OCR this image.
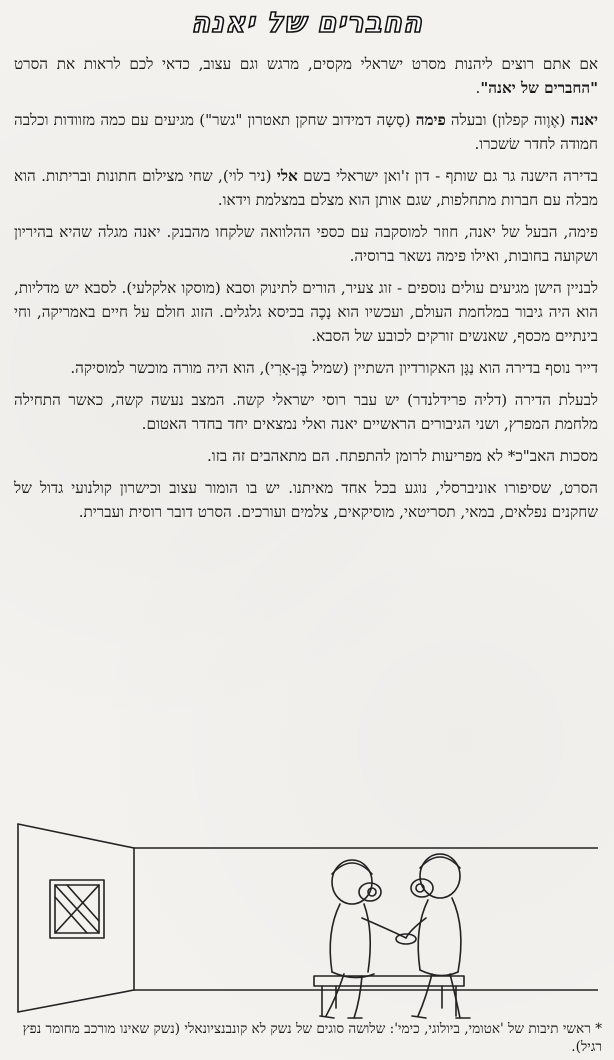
החברים של יאנה

אם אתם רוצים ליהנות מסרט ישראלי מקסים, מרגש וגם עצוב, כדאי לכם לראות את הסרט "החברים של יאנה".

יאנה (אֶוֶוה קפלון) ובעלה פימה (סָשָה דמידוב שחקן תאטרון "גשר") מגיעים עם כמה מזוודות וכלבה חמודה לחדר שׂשכרו.

בדירה הישנה גר גם שותף - דון ז'ואן ישראלי בשם אלי (ניר לוי), שחי מצילום חתונות ובריתות. הוא מבלה עם חברות מתחלפות, שגם אותן הוא מצלם במצלמת וידאו.

פימה, הבעל של יאנה, חוזר למוסקבה עם כספי ההלוואה שלקחו מהבנק. יאנה מגלה שהיא בהיריון ושקועה בחובות, ואילו פימה נשאר ברוסיה.

לבניין הישן מגיעים עולים נוספים - זוג צעיר, הורים לתינוק וסבא (מוסקו אלקלעי). לסבא יש מדליות, הוא היה גיבור במלחמת העולם, ועכשיו הוא נָכֶה בכיסא גלגלים. הזוג חולם על חיים באמריקה, וחי בינתיים מכסף, שאנשים זורקים לכובע של הסבא.

דייר נוסף בדירה הוא נַגָּן האקורדיון השתיין (שמיל בֶּן-אָרִי), הוא היה מורה מוכשר למוסיקה.

לבעלת הדירה (דליה פרידלנדר) יש עבר רוסי ישראלי קשה. המצב נעשה קשה, כאשר התחילה מלחמת המפרץ, ושני הגיבורים הראשיים יאנה ואלי נמצאים יחד בחדר האטום.

מסכות האב"כ* לא מפריעות לרומן להתפתח. הם מתאהבים זה בזו.

הסרט, שסיפורו אוניברסלי, נוגע בכל אחד מאיתנו. יש בו הומור עצוב וכישרון קולנועי גדול של שחקנים נפלאים, במאי, תסריטאי, מוסיקאים, צלמים ועורכים. הסרט דובר רוסית ועברית.

* ראשי תיבות של 'אטומי, ביולוגי, כימי': שלושה סוגים של נשק לא קונבנציונאלי (נשק שאינו מורכב מחומר נפץ רגיל).
